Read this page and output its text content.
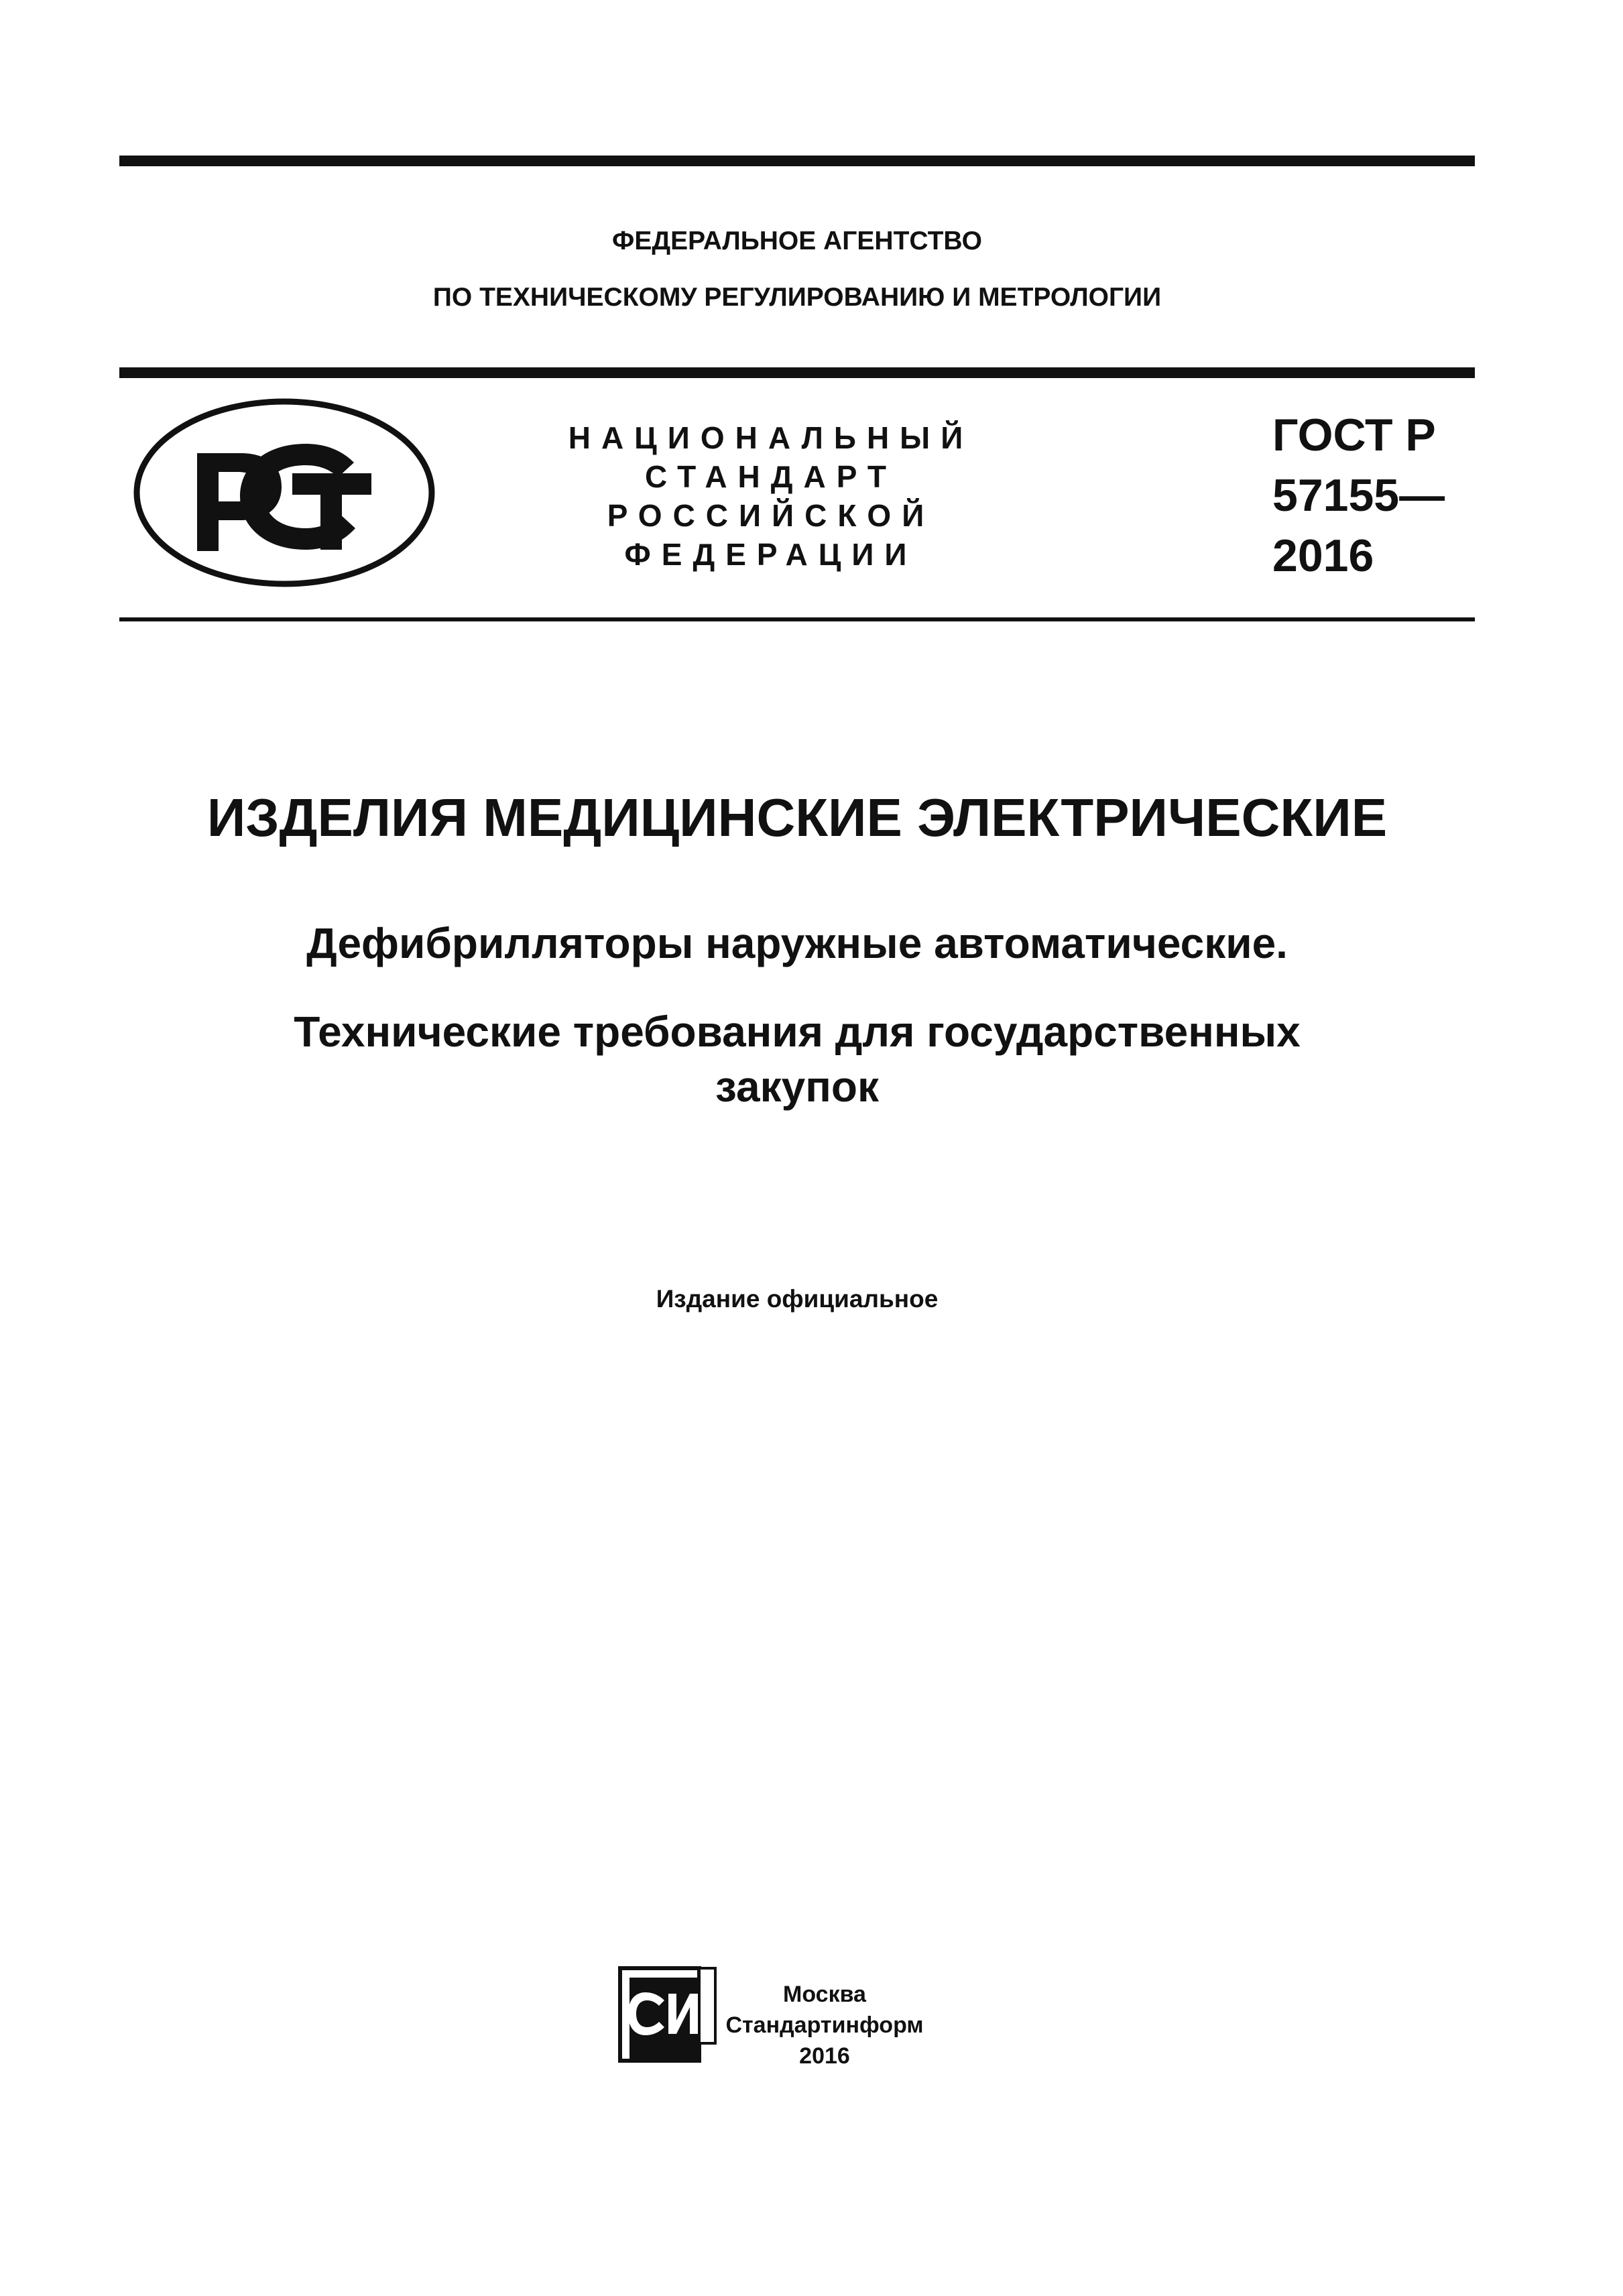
ФЕДЕРАЛЬНОЕ АГЕНТСТВО
ПО ТЕХНИЧЕСКОМУ РЕГУЛИРОВАНИЮ И МЕТРОЛОГИИ
НАЦИОНАЛЬНЫЙ
СТАНДАРТ
РОССИЙСКОЙ
ФЕДЕРАЦИИ
ГОСТ Р
57155—
2016
ИЗДЕЛИЯ МЕДИЦИНСКИЕ ЭЛЕКТРИЧЕСКИЕ
Дефибрилляторы наружные автоматические.
Технические требования для государственных
закупок
Издание официальное
Москва
Стандартинформ
2016
